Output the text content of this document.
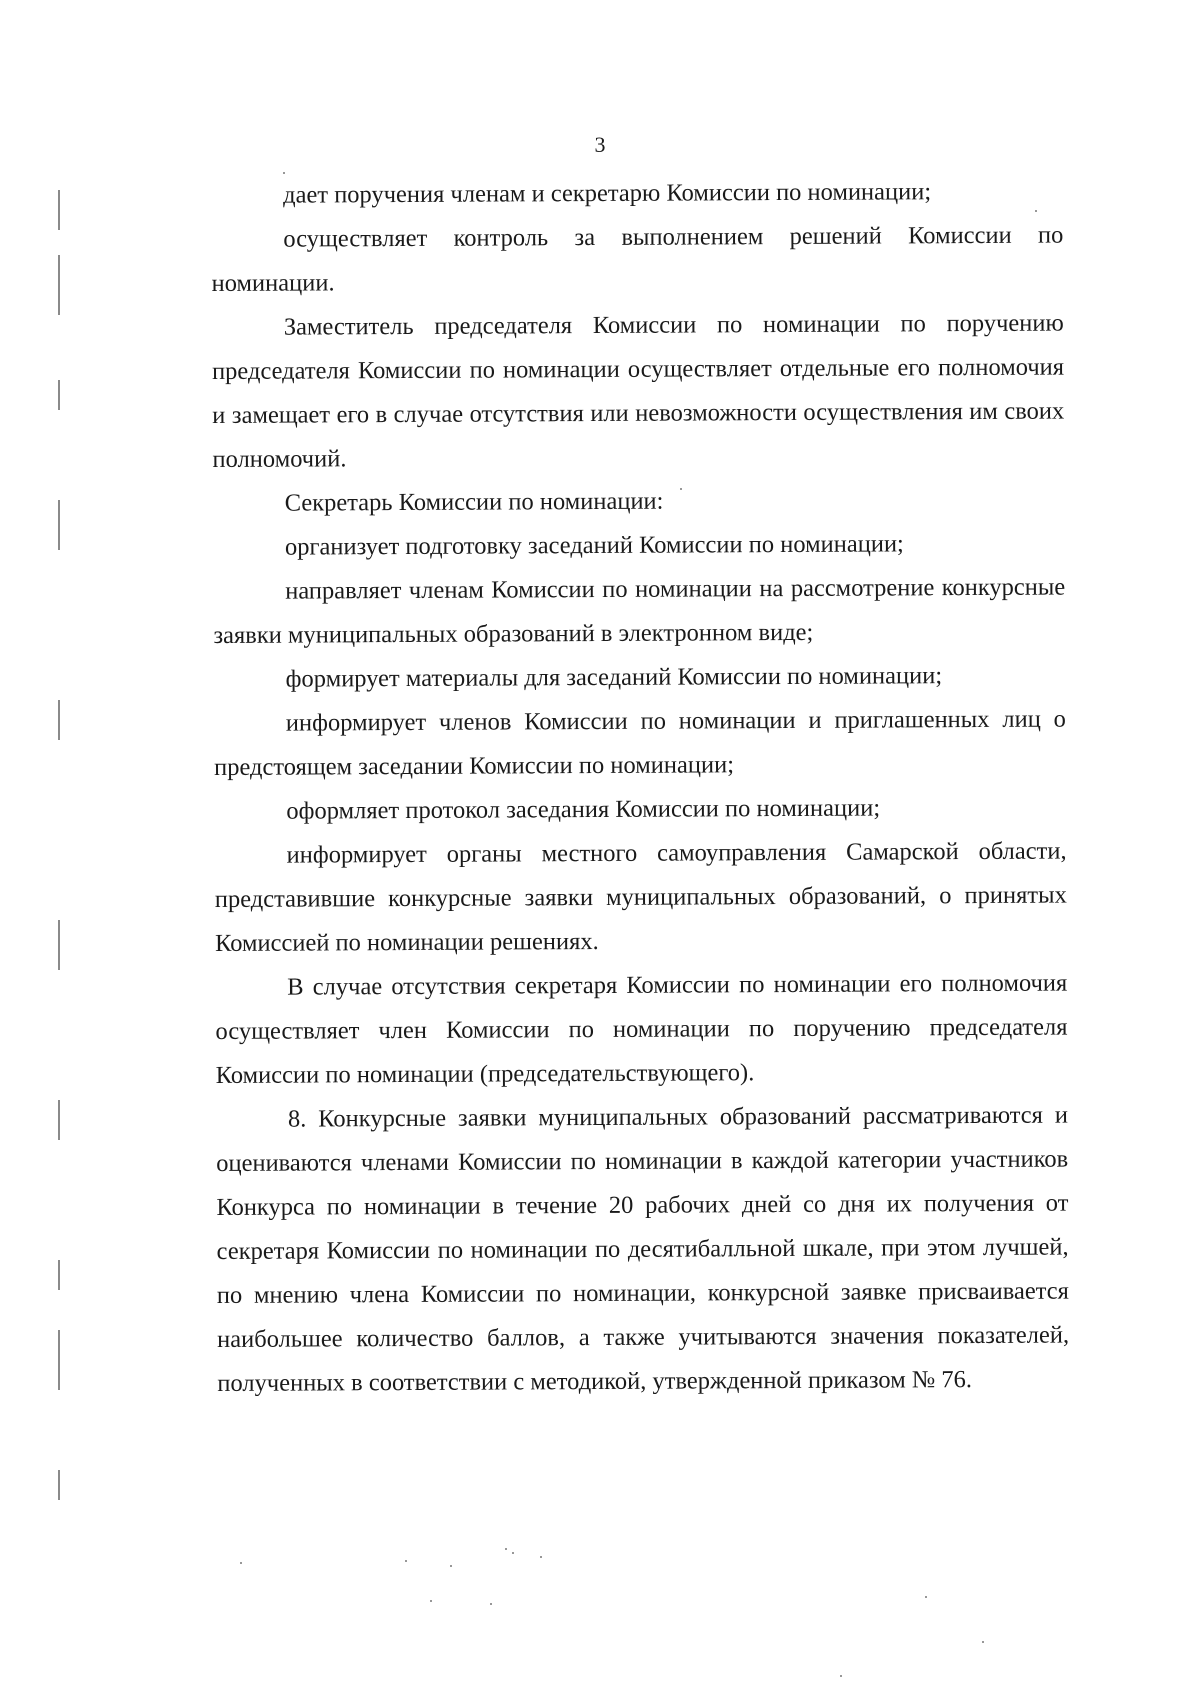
3

дает поручения членам и секретарю Комиссии по номинации;

осуществляет контроль за выполнением решений Комиссии по номинации.

Заместитель председателя Комиссии по номинации по поручению председателя Комиссии по номинации осуществляет отдельные его полномочия и замещает его в случае отсутствия или невозможности осуществления им своих полномочий.

Секретарь Комиссии по номинации:

организует подготовку заседаний Комиссии по номинации;

направляет членам Комиссии по номинации на рассмотрение конкурсные заявки муниципальных образований в электронном виде;

формирует материалы для заседаний Комиссии по номинации;

информирует членов Комиссии по номинации и приглашенных лиц о предстоящем заседании Комиссии по номинации;

оформляет протокол заседания Комиссии по номинации;

информирует органы местного самоуправления Самарской области, представившие конкурсные заявки муниципальных образований, о принятых Комиссией по номинации решениях.

В случае отсутствия секретаря Комиссии по номинации его полномочия осуществляет член Комиссии по номинации по поручению председателя Комиссии по номинации (председательствующего).

8. Конкурсные заявки муниципальных образований рассматриваются и оцениваются членами Комиссии по номинации в каждой категории участников Конкурса по номинации в течение 20 рабочих дней со дня их получения от секретаря Комиссии по номинации по десятибалльной шкале, при этом лучшей, по мнению члена Комиссии по номинации, конкурсной заявке присваивается наибольшее количество баллов, а также учитываются значения показателей, полученных в соответствии с методикой, утвержденной приказом № 76.
